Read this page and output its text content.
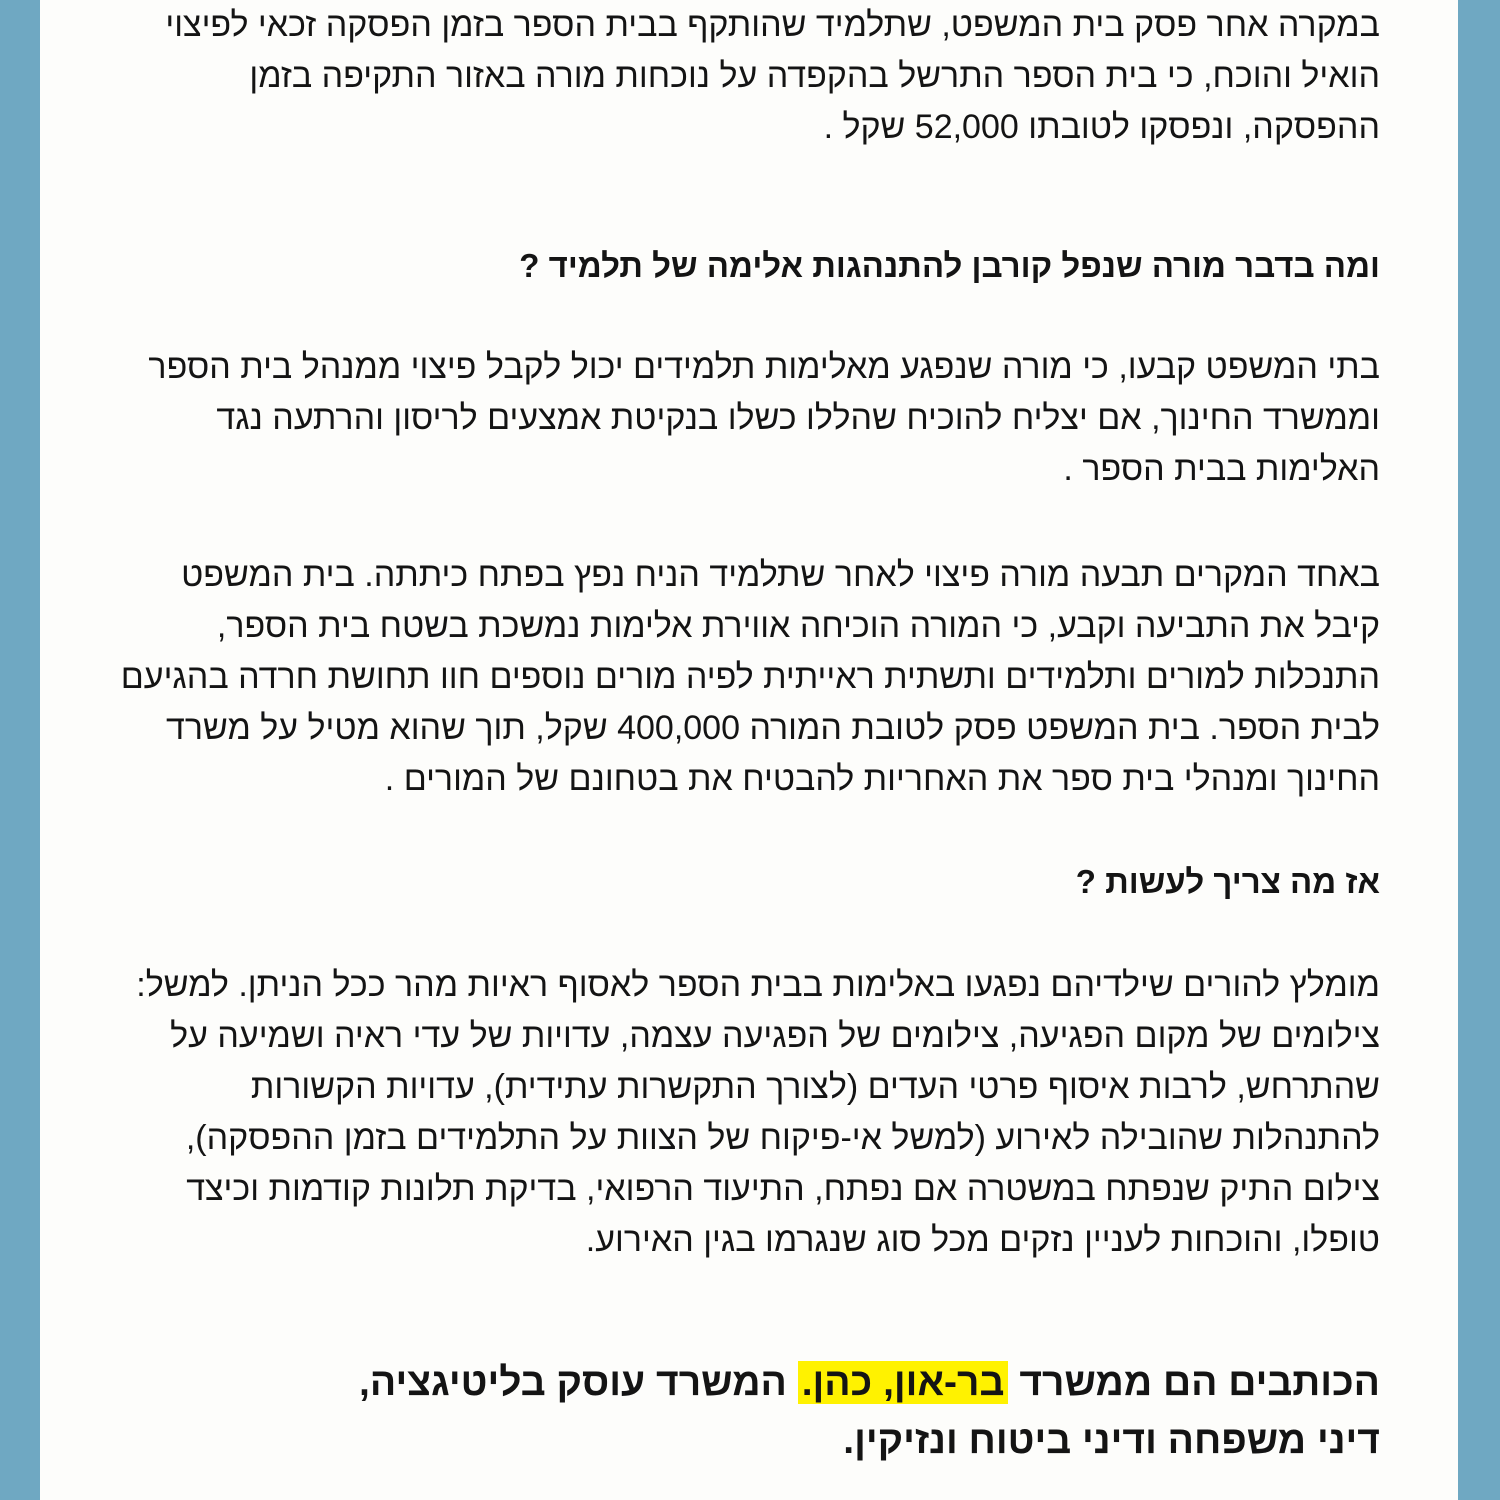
במקרה אחר פסק בית המשפט, שתלמיד שהותקף בבית הספר בזמן הפסקה זכאי לפיצוי
הואיל והוכח, כי בית הספר התרשל בהקפדה על נוכחות מורה באזור התקיפה בזמן
ההפסקה, ונפסקו לטובתו 52,000 שקל .
ומה בדבר מורה שנפל קורבן להתנהגות אלימה של תלמיד ?
בתי המשפט קבעו, כי מורה שנפגע מאלימות תלמידים יכול לקבל פיצוי ממנהל בית הספר
וממשרד החינוך, אם יצליח להוכיח שהללו כשלו בנקיטת אמצעים לריסון והרתעה נגד
האלימות בבית הספר .
באחד המקרים תבעה מורה פיצוי לאחר שתלמיד הניח נפץ בפתח כיתתה. בית המשפט
קיבל את התביעה וקבע, כי המורה הוכיחה אווירת אלימות נמשכת בשטח בית הספר,
התנכלות למורים ותלמידים ותשתית ראייתית לפיה מורים נוספים חוו תחושת חרדה בהגיעם
לבית הספר. בית המשפט פסק לטובת המורה 400,000 שקל, תוך שהוא מטיל על משרד
החינוך ומנהלי בית ספר את האחריות להבטיח את בטחונם של המורים .
אז מה צריך לעשות ?
מומלץ להורים שילדיהם נפגעו באלימות בבית הספר לאסוף ראיות מהר ככל הניתן. למשל:
צילומים של מקום הפגיעה, צילומים של הפגיעה עצמה, עדויות של עדי ראיה ושמיעה על
שהתרחש, לרבות איסוף פרטי העדים (לצורך התקשרות עתידית), עדויות הקשורות
להתנהלות שהובילה לאירוע (למשל אי-פיקוח של הצוות על התלמידים בזמן ההפסקה),
צילום התיק שנפתח במשטרה אם נפתח, התיעוד הרפואי, בדיקת תלונות קודמות וכיצד
טופלו, והוכחות לעניין נזקים מכל סוג שנגרמו בגין האירוע.
הכותבים הם ממשרד בר-און, כהן. המשרד עוסק בליטיגציה,
דיני משפחה ודיני ביטוח ונזיקין.
